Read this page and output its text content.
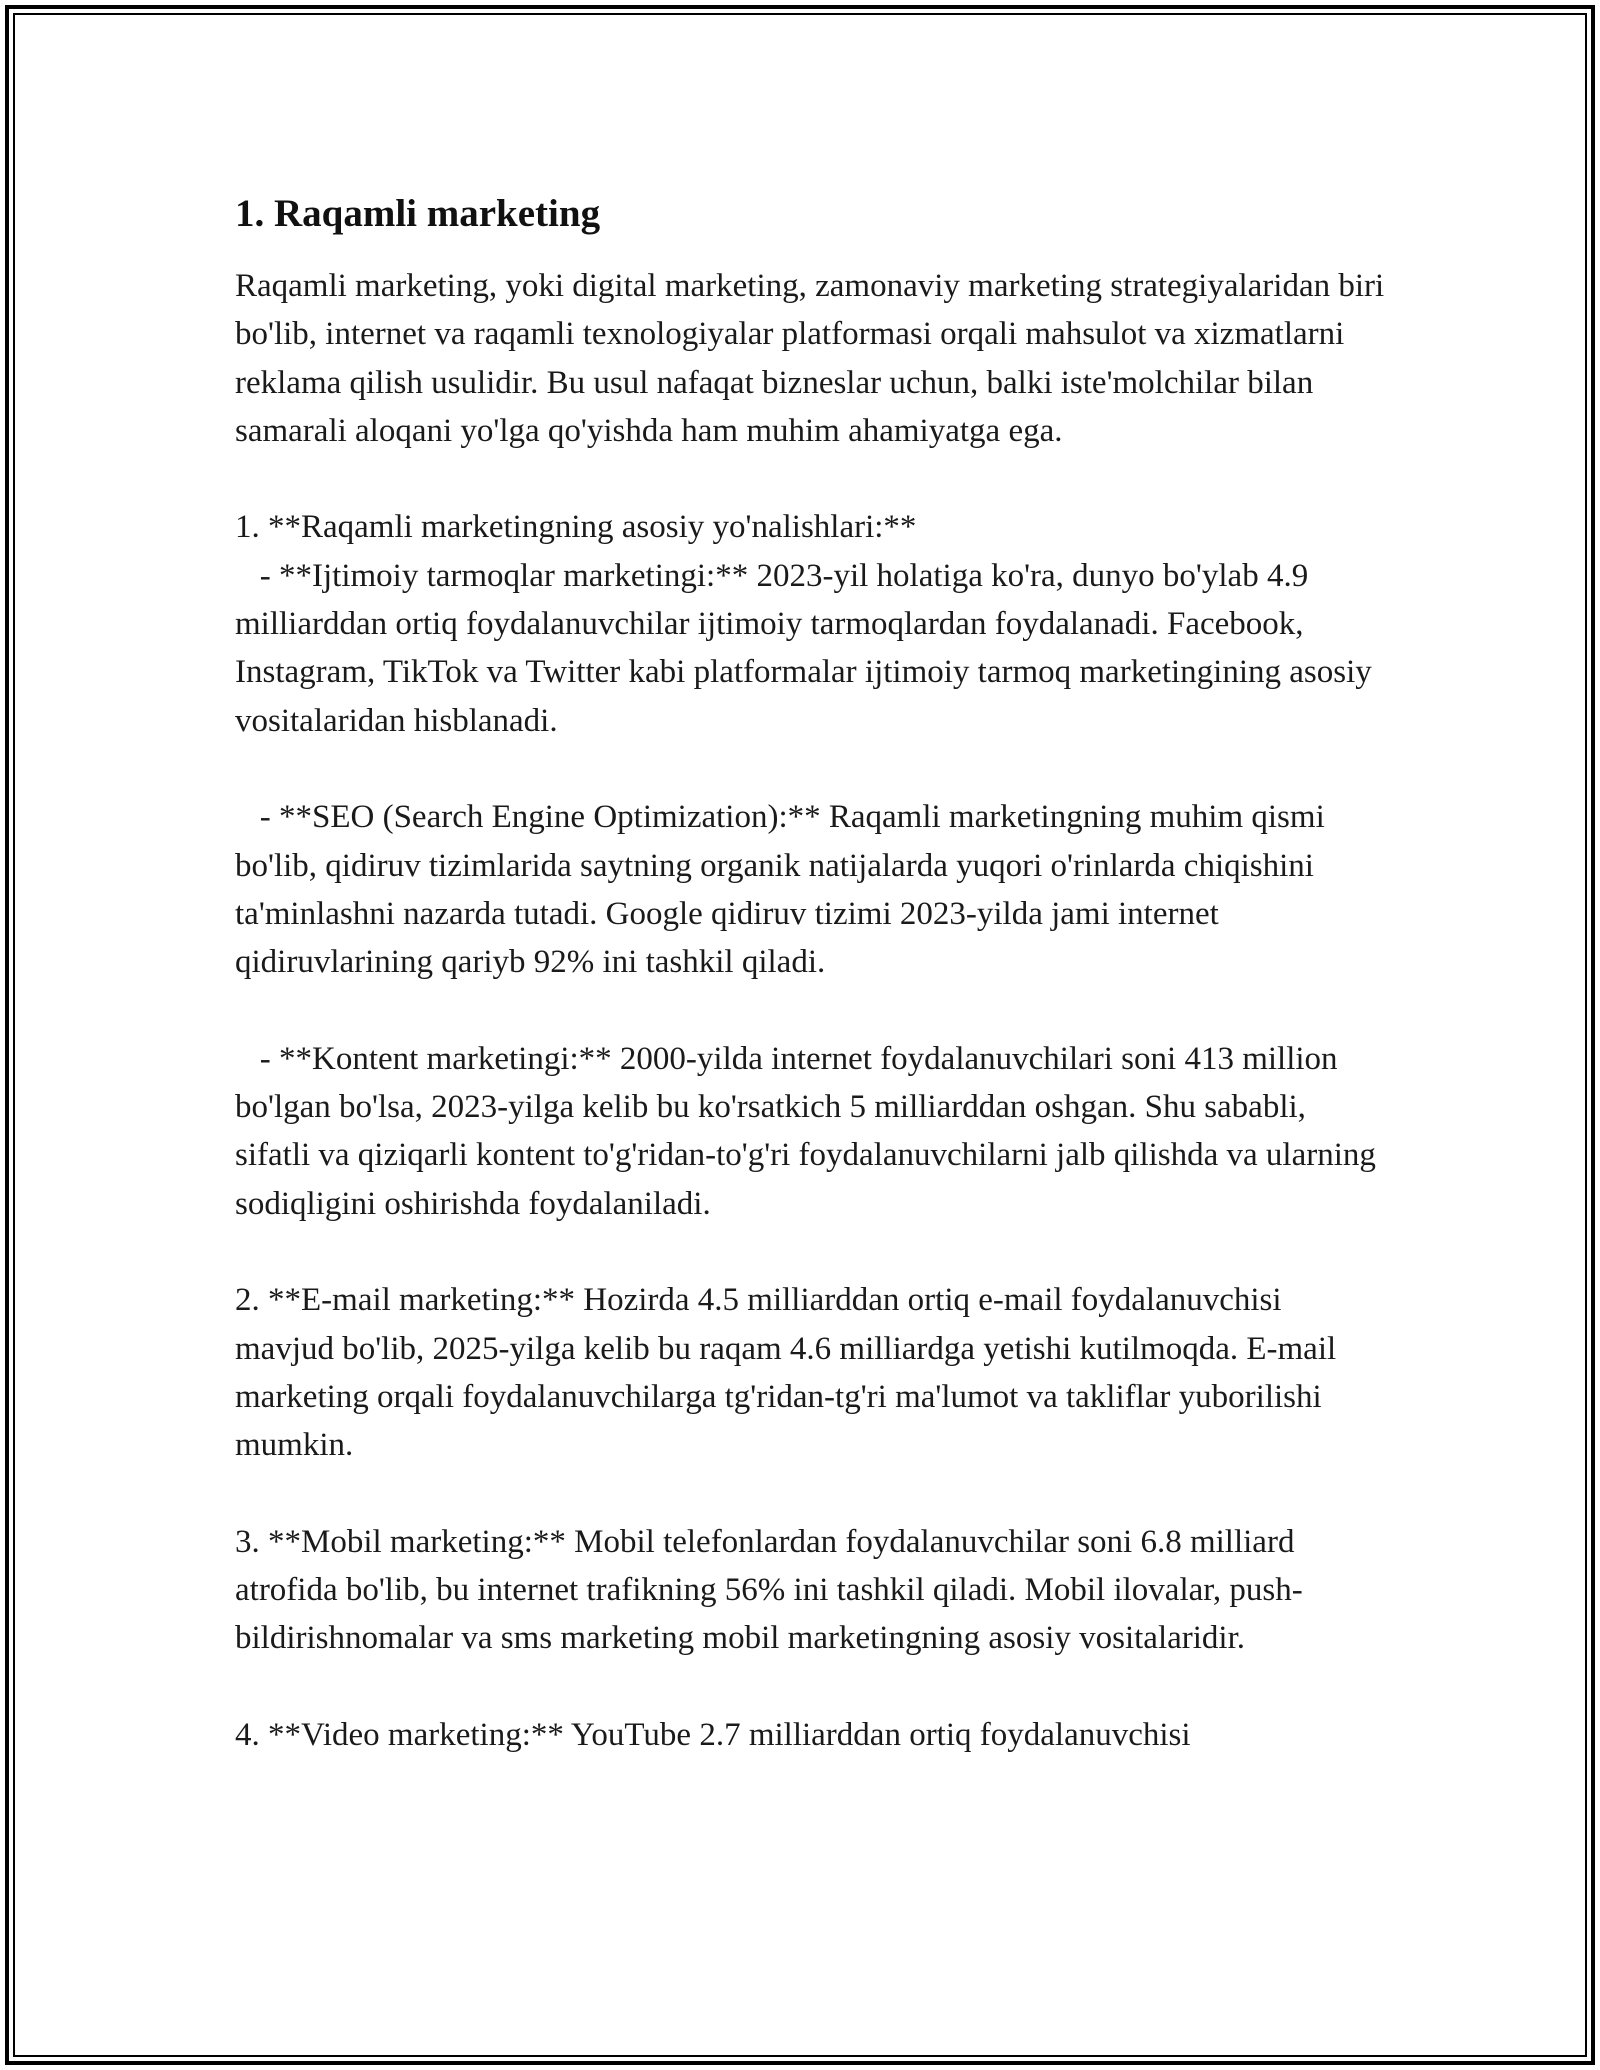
1. Raqamli marketing

Raqamli marketing, yoki digital marketing, zamonaviy marketing strategiyalaridan biri bo'lib, internet va raqamli texnologiyalar platformasi orqali mahsulot va xizmatlarni reklama qilish usulidir. Bu usul nafaqat bizneslar uchun, balki iste'molchilar bilan samarali aloqani yo'lga qo'yishda ham muhim ahamiyatga ega.

1. **Raqamli marketingning asosiy yo'nalishlari:**

- **Ijtimoiy tarmoqlar marketingi:** 2023-yil holatiga ko'ra, dunyo bo'ylab 4.9 milliarddan ortiq foydalanuvchilar ijtimoiy tarmoqlardan foydalanadi. Facebook, Instagram, TikTok va Twitter kabi platformalar ijtimoiy tarmoq marketingining asosiy vositalaridan hisblanadi.

- **SEO (Search Engine Optimization):** Raqamli marketingning muhim qismi bo'lib, qidiruv tizimlarida saytning organik natijalarda yuqori o'rinlarda chiqishini ta'minlashni nazarda tutadi. Google qidiruv tizimi 2023-yilda jami internet qidiruvlarining qariyb 92% ini tashkil qiladi.

- **Kontent marketingi:** 2000-yilda internet foydalanuvchilari soni 413 million bo'lgan bo'lsa, 2023-yilga kelib bu ko'rsatkich 5 milliarddan oshgan. Shu sababli, sifatli va qiziqarli kontent to'g'ridan-to'g'ri foydalanuvchilarni jalb qilishda va ularning sodiqligini oshirishda foydalaniladi.

2. **E-mail marketing:** Hozirda 4.5 milliarddan ortiq e-mail foydalanuvchisi mavjud bo'lib, 2025-yilga kelib bu raqam 4.6 milliardga yetishi kutilmoqda. E-mail marketing orqali foydalanuvchilarga tg'ridan-tg'ri ma'lumot va takliflar yuborilishi mumkin.

3. **Mobil marketing:** Mobil telefonlardan foydalanuvchilar soni 6.8 milliard atrofida bo'lib, bu internet trafikning 56% ini tashkil qiladi. Mobil ilovalar, push-bildirishnomalar va sms marketing mobil marketingning asosiy vositalaridir.

4. **Video marketing:** YouTube 2.7 milliarddan ortiq foydalanuvchisi
